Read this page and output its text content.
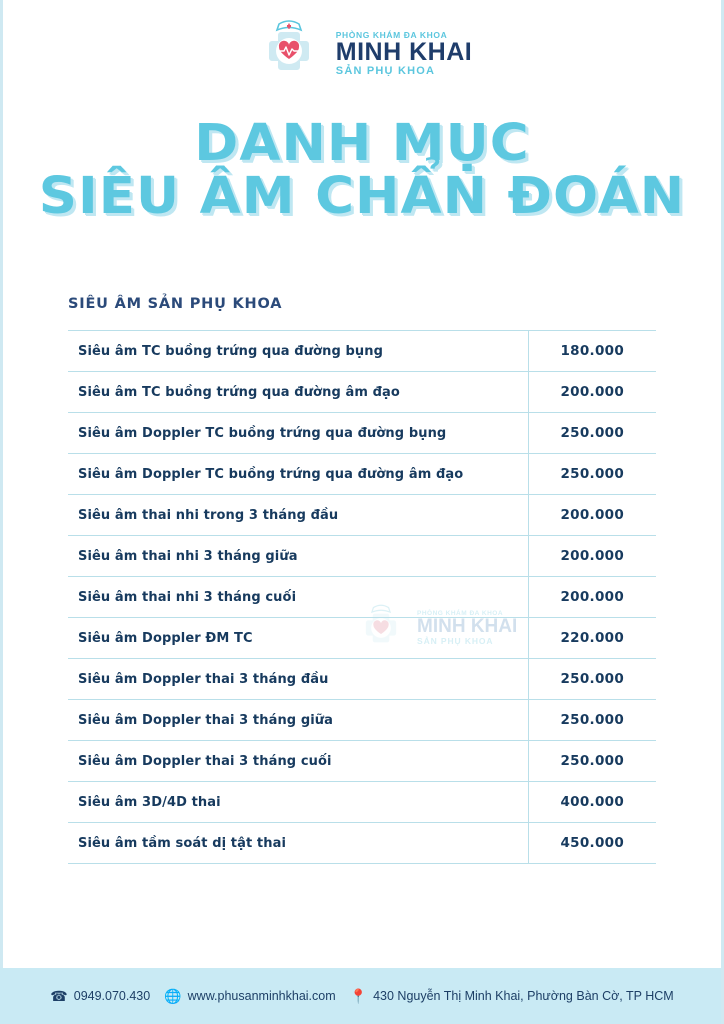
PHÒNG KHÁM ĐA KHOA
MINH KHAI
SẢN PHỤ KHOA
DANH MỤC
SIÊU ÂM CHẨN ĐOÁN
SIÊU ÂM SẢN PHỤ KHOA
PHÒNG KHÁM ĐA KHOA
MINH KHAI
SẢN PHỤ KHOA
Siêu âm TC buồng trứng qua đường bụng	180.000
Siêu âm TC buồng trứng qua đường âm đạo	200.000
Siêu âm Doppler TC buồng trứng qua đường bụng	250.000
Siêu âm Doppler TC buồng trứng qua đường âm đạo	250.000
Siêu âm thai nhi trong 3 tháng đầu	200.000
Siêu âm thai nhi 3 tháng giữa	200.000
Siêu âm thai nhi 3 tháng cuối	200.000
Siêu âm Doppler ĐM TC	220.000
Siêu âm Doppler thai 3 tháng đầu	250.000
Siêu âm Doppler thai 3 tháng giữa	250.000
Siêu âm Doppler thai 3 tháng cuối	250.000
Siêu âm 3D/4D thai	400.000
Siêu âm tầm soát dị tật thai	450.000
☎ 0949.070.430 🌐 www.phusanminhkhai.com 📍 430 Nguyễn Thị Minh Khai, Phường Bàn Cờ, TP HCM
